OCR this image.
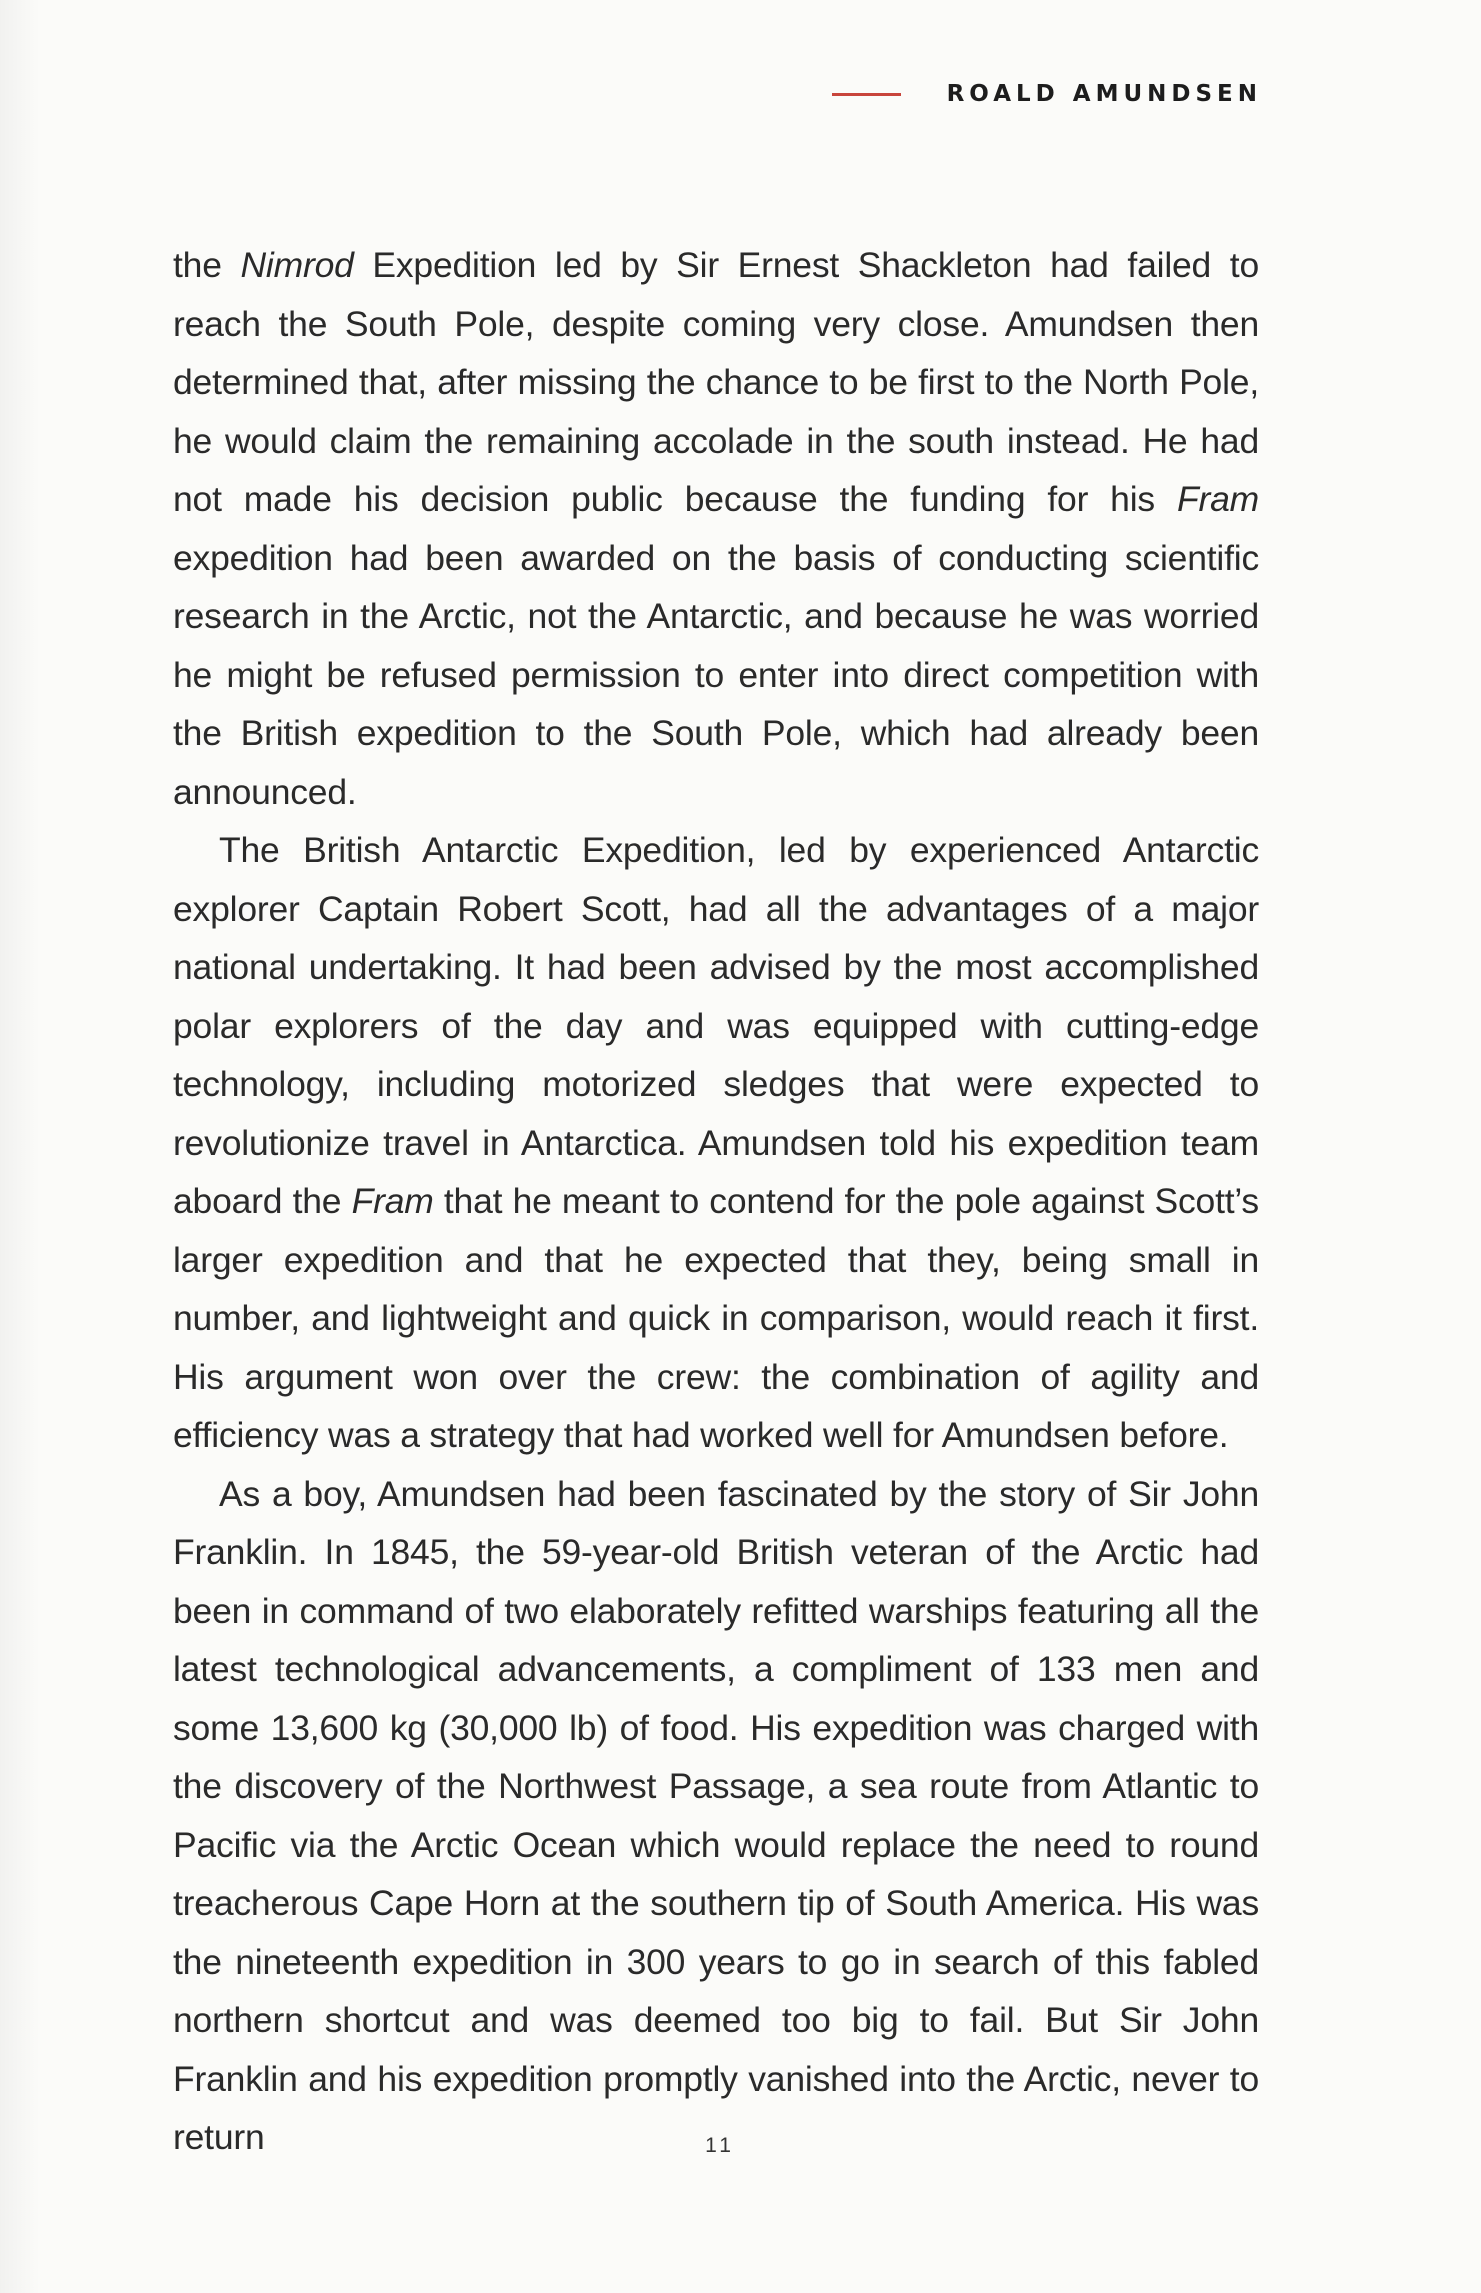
ROALD AMUNDSEN

the Nimrod Expedition led by Sir Ernest Shackleton had failed to reach the South Pole, despite coming very close. Amundsen then determined that, after missing the chance to be first to the North Pole, he would claim the remaining accolade in the south instead. He had not made his decision public because the funding for his Fram expedition had been awarded on the basis of conducting scientific research in the Arctic, not the Antarctic, and because he was worried he might be refused permission to enter into direct competition with the British expedition to the South Pole, which had already been announced.

The British Antarctic Expedition, led by experienced Antarctic explorer Captain Robert Scott, had all the advantages of a major national undertaking. It had been advised by the most accomplished polar explorers of the day and was equipped with cutting-edge technology, including motorized sledges that were expected to revolutionize travel in Antarctica. Amundsen told his expedition team aboard the Fram that he meant to contend for the pole against Scott’s larger expedition and that he expected that they, being small in number, and lightweight and quick in comparison, would reach it first. His argument won over the crew: the combination of agility and efficiency was a strategy that had worked well for Amundsen before.

As a boy, Amundsen had been fascinated by the story of Sir John Franklin. In 1845, the 59-year-old British veteran of the Arctic had been in command of two elaborately refitted warships featuring all the latest technological advancements, a compliment of 133 men and some 13,600 kg (30,000 lb) of food. His expedition was charged with the discovery of the Northwest Passage, a sea route from Atlantic to Pacific via the Arctic Ocean which would replace the need to round treacherous Cape Horn at the southern tip of South America. His was the nineteenth expedition in 300 years to go in search of this fabled northern shortcut and was deemed too big to fail. But Sir John Franklin and his expedition promptly vanished into the Arctic, never to return	11
